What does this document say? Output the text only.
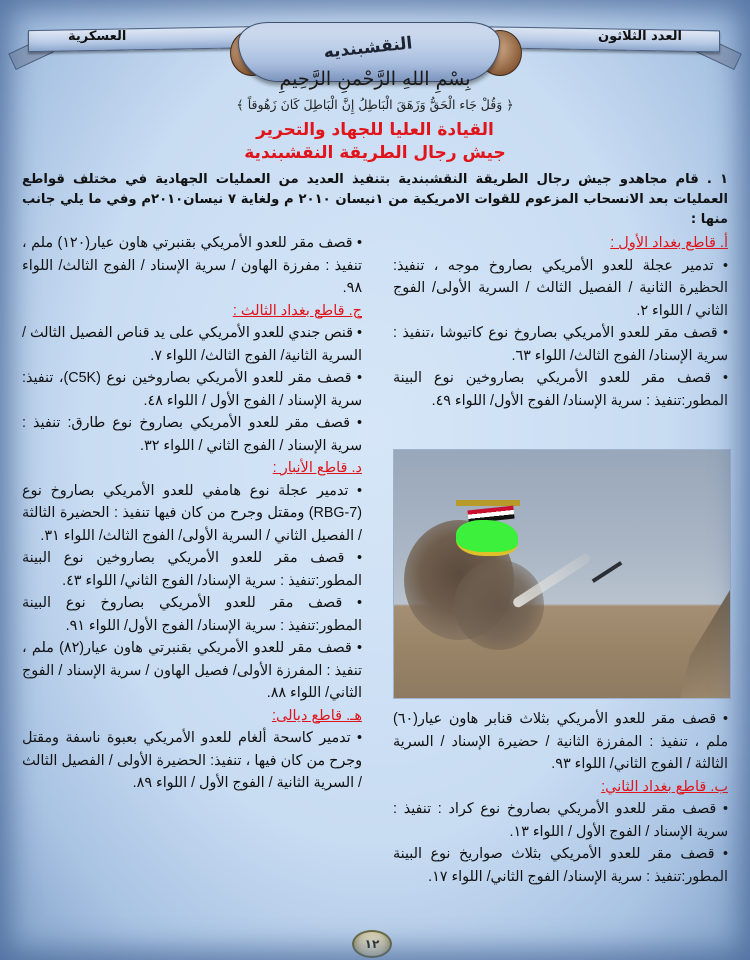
العدد الثلاثون
العسكرية	النقشبنديه
بِسْمِ اللهِ الرَّحْمنِ الرَّحِيمِ
﴿ وَقُلْ جَاء الْحَقُّ وَزَهَقَ الْبَاطِلُ إِنَّ الْبَاطِلَ كَانَ زَهُوقاً ﴾
القيادة العليا للجهاد والتحرير
جيش رجال الطريقة النقشبندية
١ . قام مجاهدو جيش رجال الطريقة النقشبندية بتنفيذ العديد من العمليات الجهادية في مختلف قواطع العمليات بعد الانسحاب المزعوم للقوات الامريكية من ١نيسان ٢٠١٠ م ولغاية ٧ نيسان٢٠١٠م وفي ما يلي جانب منها :
أ. قاطع بغداد الأول :
• تدمير عجلة للعدو الأمريكي بصاروخ موجه ، تنفيذ: الحظيرة الثانية / الفصيل الثالث / السرية الأولى/ الفوج الثاني / اللواء ٢.
• قصف مقر للعدو الأمريكي بصاروخ نوع كاتيوشا ،تنفيذ : سرية الإسناد/ الفوج الثالث/ اللواء ٦٣.
• قصف مقر للعدو الأمريكي بصاروخين نوع البينة المطور:تنفيذ : سرية الإسناد/ الفوج الأول/ اللواء ٤٩.
• قصف مقر للعدو الأمريكي بثلاث قنابر هاون عيار(٦٠) ملم ، تنفيذ : المفرزة الثانية / حضيرة الإسناد / السرية الثالثة / الفوج الثاني/ اللواء ٩٣.
ب. قاطع بغداد الثاني:
• قصف مقر للعدو الأمريكي بصاروخ نوع كراد : تنفيذ : سرية الإسناد / الفوج الأول / اللواء ١٣.
• قصف مقر للعدو الأمريكي بثلاث صواريخ نوع البينة المطور:تنفيذ : سرية الإسناد/ الفوج الثاني/ اللواء ١٧.
• قصف مقر للعدو الأمريكي بقنبرتي هاون عيار(١٢٠) ملم ، تنفيذ : مفرزة الهاون / سرية الإسناد / الفوج الثالث/ اللواء ٩٨.
ج. قاطع بغداد الثالث :
• قنص جندي للعدو الأمريكي على يد قناص الفصيل الثالث / السرية الثانية/ الفوج الثالث/ اللواء ٧.
• قصف مقر للعدو الأمريكي بصاروخين نوع (C5K)، تنفيذ: سرية الإسناد / الفوج الأول / اللواء ٤٨.
• قصف مقر للعدو الأمريكي بصاروخ نوع طارق: تنفيذ : سرية الإسناد / الفوج الثاني / اللواء ٣٢.
د. قاطع الأنبار :
• تدمير عجلة نوع هامفي للعدو الأمريكي بصاروخ نوع (RBG-7) ومقتل وجرح من كان فيها تنفيذ : الحضيرة الثالثة / الفصيل الثاني / السرية الأولى/ الفوج الثالث/ اللواء ٣١.
• قصف مقر للعدو الأمريكي بصاروخين نوع البينة المطور:تنفيذ : سرية الإسناد/ الفوج الثاني/ اللواء ٤٣.
• قصف مقر للعدو الأمريكي بصاروخ نوع البينة المطور:تنفيذ : سرية الإسناد/ الفوج الأول/ اللواء ٩١.
• قصف مقر للعدو الأمريكي بقنبرتي هاون عيار(٨٢) ملم ، تنفيذ : المفرزة الأولى/ فصيل الهاون / سرية الإسناد / الفوج الثاني/ اللواء ٨٨.
هـ. قاطع ديالى:
• تدمير كاسحة ألغام للعدو الأمريكي بعبوة ناسفة ومقتل وجرح من كان فيها ، تنفيذ: الحضيرة الأولى / الفصيل الثالث / السرية الثانية / الفوج الأول / اللواء ٨٩.
١٢
